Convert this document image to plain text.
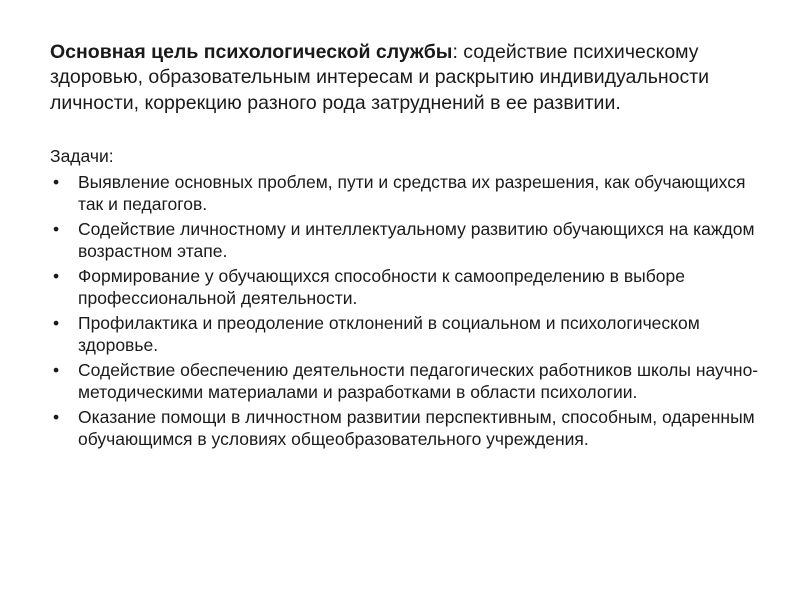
Основная цель психологической службы: содействие психическому здоровью, образовательным интересам и раскрытию индивидуальности личности, коррекцию разного рода затруднений в ее развитии.

Задачи:
•	Выявление основных проблем, пути и средства их разрешения, как обучающихся так и педагогов.
•	Содействие личностному и интеллектуальному развитию обучающихся на каждом возрастном этапе.
•	Формирование у обучающихся способности к самоопределению в выборе профессиональной деятельности.
•	Профилактика и преодоление отклонений в социальном и психологическом здоровье.
•	Содействие обеспечению деятельности педагогических работников школы научно-методическими материалами и разработками в области психологии.
•	Оказание помощи в личностном развитии перспективным, способным, одаренным обучающимся в условиях общеобразовательного учреждения.
